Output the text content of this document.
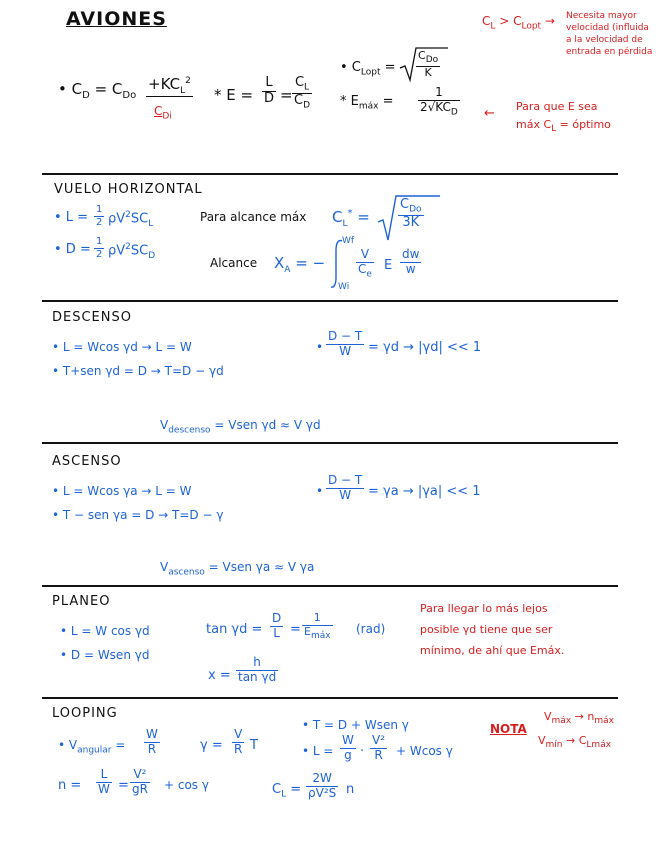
AVIONES
• $C_D = C_{Do}$
$+KC_L^2$
$C_{Di}$
* $E = \frac{L}{D} = \frac{C_L}{C_D}$
• $C_{Lopt}$ =
$C_{Do}$
K
* $E_{máx}$ =
1
$2√KC_D$
$C_L > C_{Lopt}$ → Necesita mayor
velocidad (influida
a la velocidad de
entrada en pérdida
← Para que E sea
máx $C_L$ = óptimo
VUELO HORIZONTAL
• $L = \frac{1}{2} \rho V^2SC_L$
• $D = \frac{1}{2} \rho V^2SC_D$
Para alcance máx $C_L^*$ =
$C_{Do}$
3K
Alcance $X_A$ = −
Wf
Wi
$\frac{V}{C_e}$ E $\frac{dw}{w}$
DESCENSO
• L = Wcos γd → L = W
• T+sen γd = D → T=D − γd
• $\frac{D - T}{W} = \gamma d \to |\gamma d| << 1$
$V_{descenso}$ = Vsen γd ≈ V γd
ASCENSO
• L = Wcos γa → L = W
• T − sen γa = D → T=D − γ
• $\frac{D - T}{W} = \gamma a \to |\gamma a| << 1$
$V_{ascenso}$ = Vsen γa ≈ V γa
PLANEO
• L = W cos γd
• D = Wsen γd
$\tan \gamma d = \frac{D}{L}$ =
1
$E_{máx}$ (rad)
$x = \frac{h}{\text{tan γd}}$
Para llegar lo más lejos
posible γd tiene que ser
mínimo, de ahí que Emáx.
LOOPING
• $V_{angular} = \frac{W}{R}$	$\gamma = \frac{V}{R}$ T
• T = D + Wsen γ
• $L = \frac{W}{g} \cdot \frac{\text{V²}}{R} + Wcos$ γ
$n = \frac{L}{W} = \frac{\text{V²}}{gR} + \cos \gamma$	$C_L = \frac{2W}{\text{ρV²S}}$ n
NOTA
$V_{máx} \to n_{máx}$
$V_{mín} \to C_{Lmáx}$
